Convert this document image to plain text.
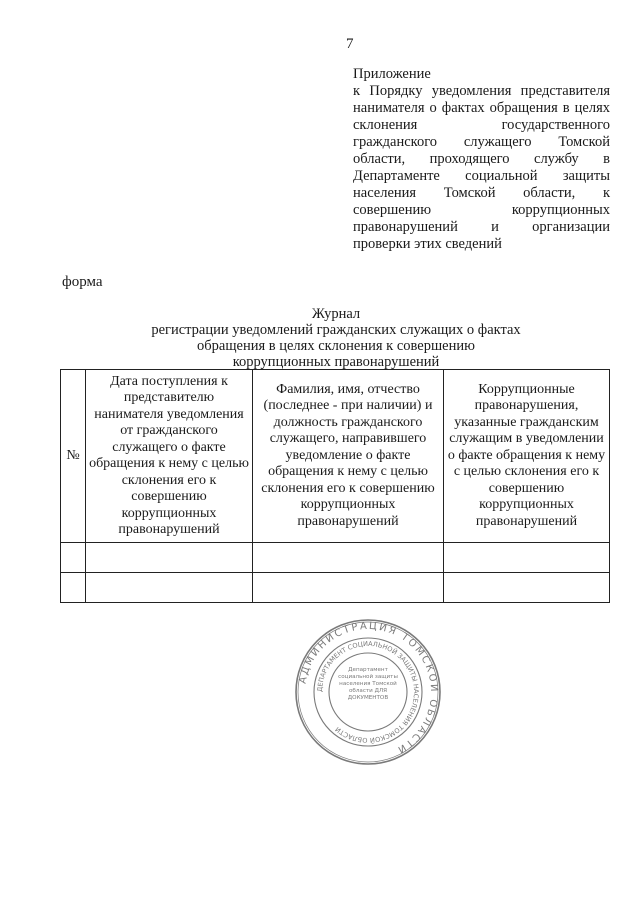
7
Приложение
к Порядку уведомления представителя нанимателя о фактах обращения в целях склонения государственного гражданского служащего Томской области, проходящего службу в Департаменте социальной защиты населения Томской области, к совершению коррупционных правонарушений и организации проверки этих сведений
форма
Журнал
регистрации уведомлений гражданских служащих о фактах
обращения в целях склонения к совершению
коррупционных правонарушений
№	Дата поступления к представителю нанимателя уведомления от гражданского служащего о факте обращения к нему с целью склонения его к совершению коррупционных правонарушений	Фамилия, имя, отчество (последнее - при наличии) и должность гражданского служащего, направившего уведомление о факте обращения к нему с целью склонения его к совершению коррупционных правонарушений	Коррупционные правонарушения, указанные гражданским служащим в уведомлении о факте обращения к нему с целью склонения его к совершению коррупционных правонарушений

АДМИНИСТРАЦИЯ ТОМСКОЙ ОБЛАСТИ
ДЕПАРТАМЕНТ СОЦИАЛЬНОЙ ЗАЩИТЫ НАСЕЛЕНИЯ ТОМСКОЙ ОБЛАСТИ
Департамент социальной защиты населения Томской области ДЛЯ ДОКУМЕНТОВ
